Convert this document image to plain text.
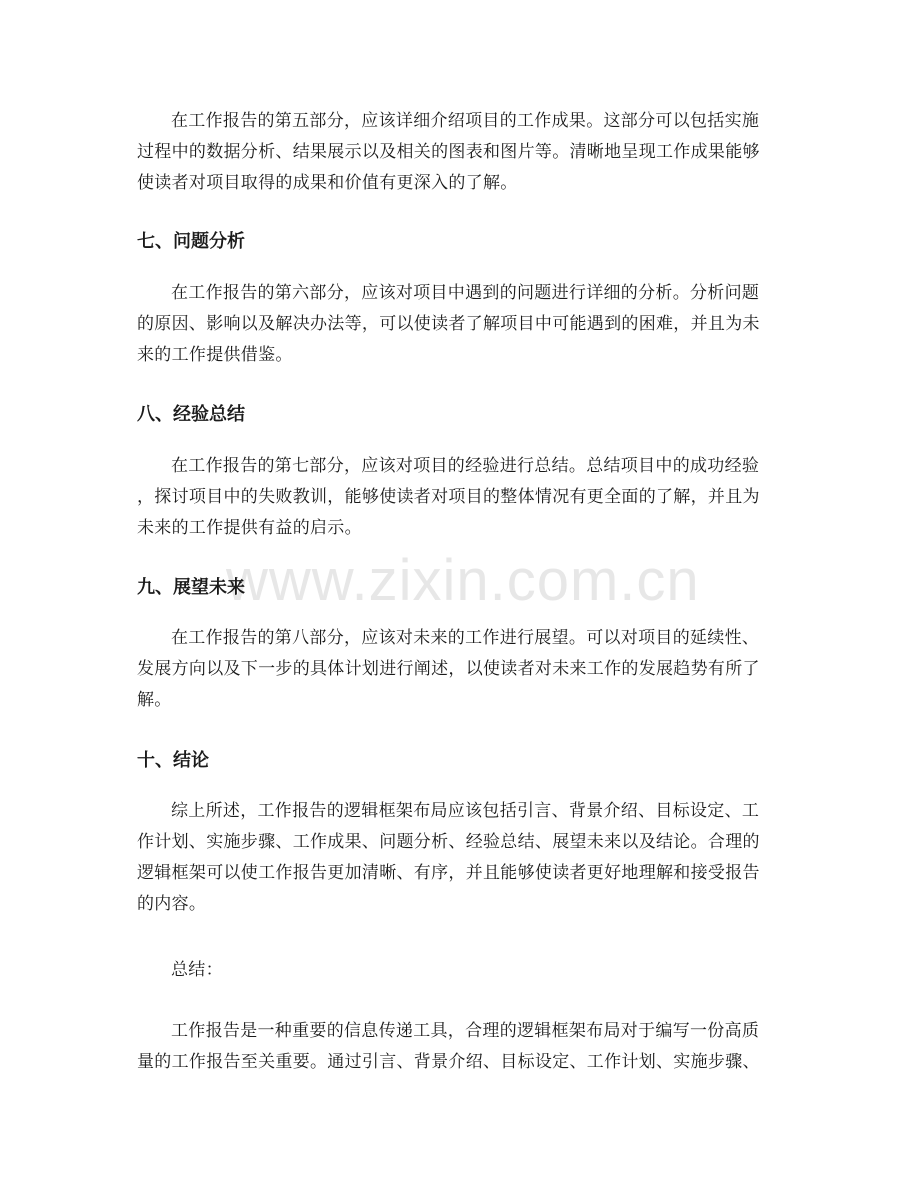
www.zixin.com.cn
在工作报告的第五部分，应该详细介绍项目的工作成果。这部分可以包括实施
过程中的数据分析、结果展示以及相关的图表和图片等。清晰地呈现工作成果能够
使读者对项目取得的成果和价值有更深入的了解。
七、问题分析
在工作报告的第六部分，应该对项目中遇到的问题进行详细的分析。分析问题
的原因、影响以及解决办法等，可以使读者了解项目中可能遇到的困难，并且为未
来的工作提供借鉴。
八、经验总结
在工作报告的第七部分，应该对项目的经验进行总结。总结项目中的成功经验
，探讨项目中的失败教训，能够使读者对项目的整体情况有更全面的了解，并且为
未来的工作提供有益的启示。
九、展望未来
在工作报告的第八部分，应该对未来的工作进行展望。可以对项目的延续性、
发展方向以及下一步的具体计划进行阐述，以使读者对未来工作的发展趋势有所了
解。
十、结论
综上所述，工作报告的逻辑框架布局应该包括引言、背景介绍、目标设定、工
作计划、实施步骤、工作成果、问题分析、经验总结、展望未来以及结论。合理的
逻辑框架可以使工作报告更加清晰、有序，并且能够使读者更好地理解和接受报告
的内容。
总结：
工作报告是一种重要的信息传递工具，合理的逻辑框架布局对于编写一份高质
量的工作报告至关重要。通过引言、背景介绍、目标设定、工作计划、实施步骤、
